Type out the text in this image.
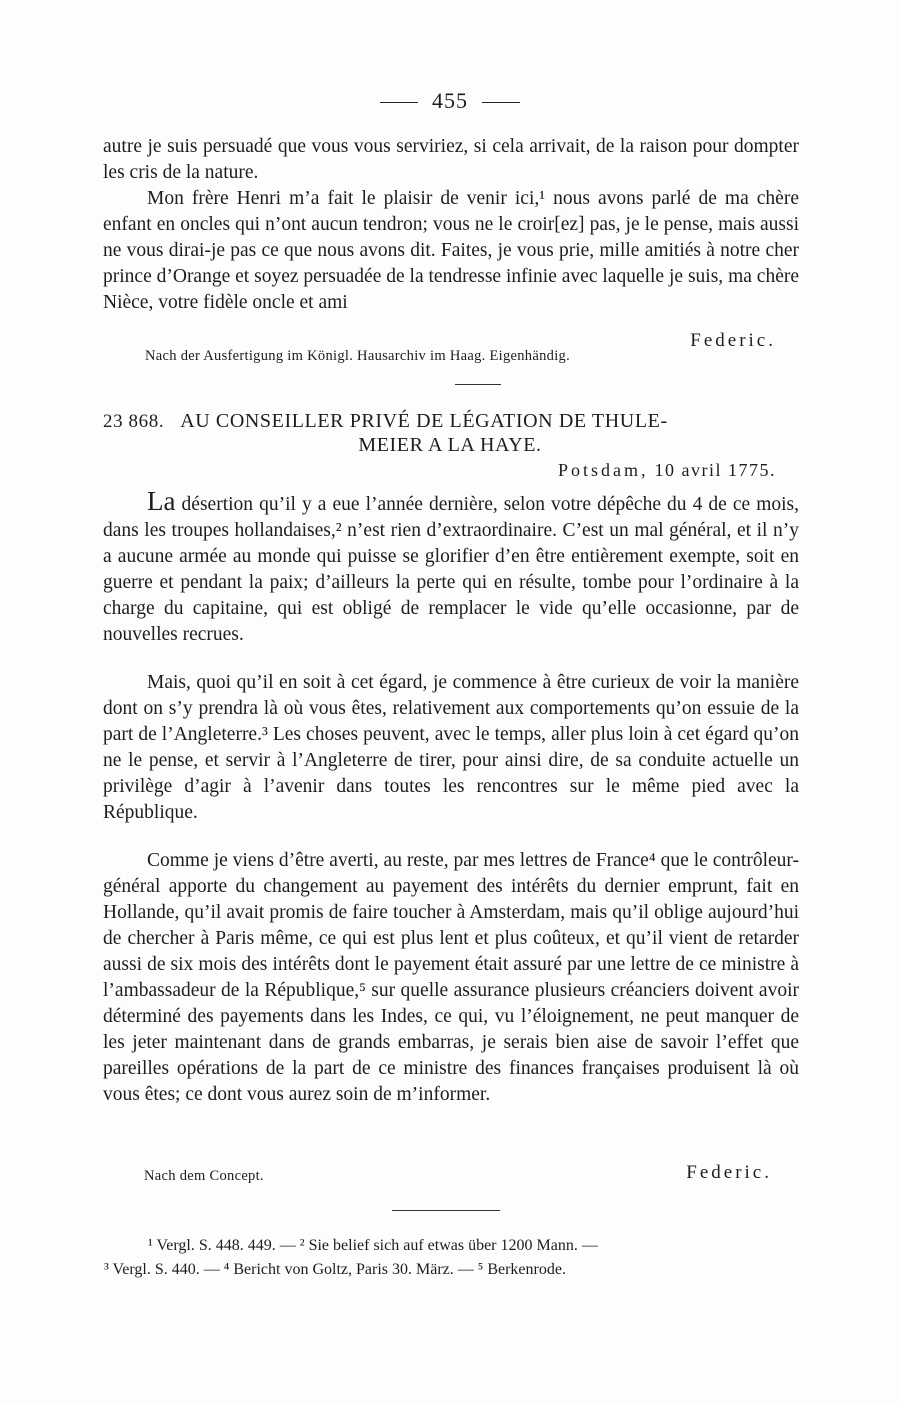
455
autre je suis persuadé que vous vous serviriez, si cela arrivait, de la raison pour dompter les cris de la nature.
Mon frère Henri m’a fait le plaisir de venir ici,¹ nous avons parlé de ma chère enfant en oncles qui n’ont aucun tendron; vous ne le croir[ez] pas, je le pense, mais aussi ne vous dirai-je pas ce que nous avons dit. Faites, je vous prie, mille amitiés à notre cher prince d’Orange et soyez persuadée de la tendresse infinie avec laquelle je suis, ma chère Nièce, votre fidèle oncle et ami
Federic.
Nach der Ausfertigung im Königl. Hausarchiv im Haag. Eigenhändig.
23 868. AU CONSEILLER PRIVÉ DE LÉGATION DE THULE-
MEIER A LA HAYE.
Potsdam, 10 avril 1775.
La désertion qu’il y a eue l’année dernière, selon votre dépêche du 4 de ce mois, dans les troupes hollandaises,² n’est rien d’extraordinaire. C’est un mal général, et il n’y a aucune armée au monde qui puisse se glorifier d’en être entièrement exempte, soit en guerre et pendant la paix; d’ailleurs la perte qui en résulte, tombe pour l’ordinaire à la charge du capitaine, qui est obligé de remplacer le vide qu’elle occasionne, par de nouvelles recrues.
Mais, quoi qu’il en soit à cet égard, je commence à être curieux de voir la manière dont on s’y prendra là où vous êtes, relativement aux comportements qu’on essuie de la part de l’Angleterre.³ Les choses peuvent, avec le temps, aller plus loin à cet égard qu’on ne le pense, et servir à l’Angleterre de tirer, pour ainsi dire, de sa conduite actuelle un privilège d’agir à l’avenir dans toutes les rencontres sur le même pied avec la République.
Comme je viens d’être averti, au reste, par mes lettres de France⁴ que le contrôleur-général apporte du changement au payement des intérêts du dernier emprunt, fait en Hollande, qu’il avait promis de faire toucher à Amsterdam, mais qu’il oblige aujourd’hui de chercher à Paris même, ce qui est plus lent et plus coûteux, et qu’il vient de retarder aussi de six mois des intérêts dont le payement était assuré par une lettre de ce ministre à l’ambassadeur de la République,⁵ sur quelle assurance plusieurs créanciers doivent avoir déterminé des payements dans les Indes, ce qui, vu l’éloignement, ne peut manquer de les jeter maintenant dans de grands embarras, je serais bien aise de savoir l’effet que pareilles opérations de la part de ce ministre des finances françaises produisent là où vous êtes; ce dont vous aurez soin de m’informer.
Nach dem Concept.	Federic.
¹ Vergl. S. 448. 449. — ² Sie belief sich auf etwas über 1200 Mann. —
³ Vergl. S. 440. — ⁴ Bericht von Goltz, Paris 30. März. — ⁵ Berkenrode.
